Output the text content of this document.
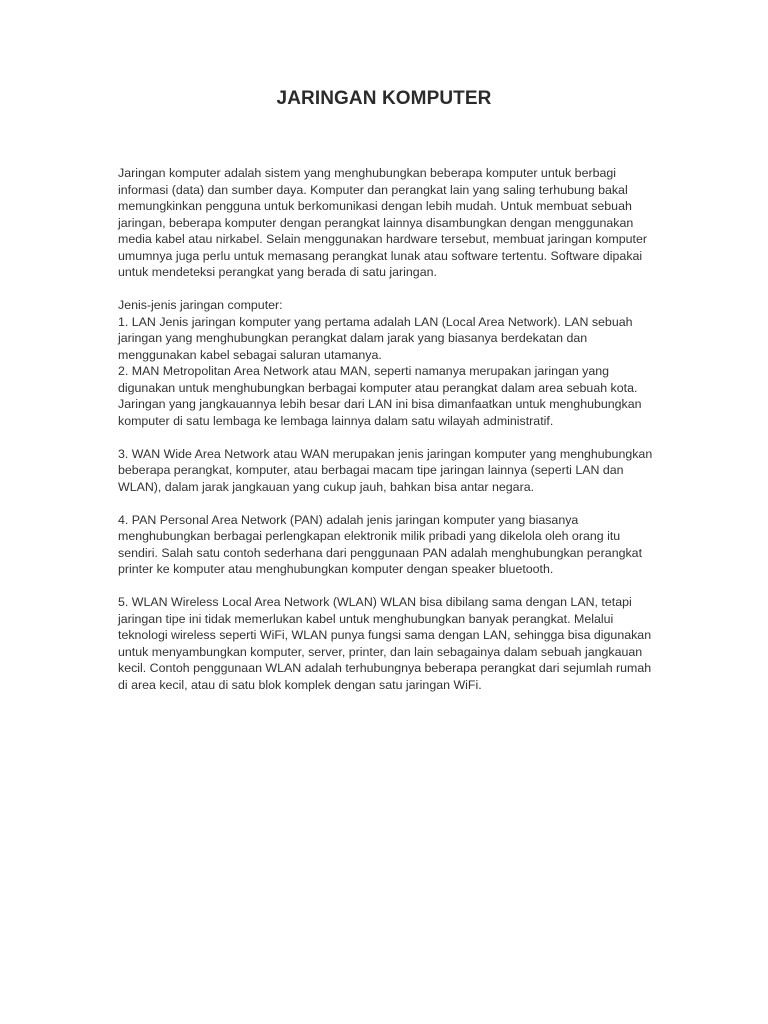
JARINGAN KOMPUTER

Jaringan komputer adalah sistem yang menghubungkan beberapa komputer untuk berbagi informasi (data) dan sumber daya. Komputer dan perangkat lain yang saling terhubung bakal memungkinkan pengguna untuk berkomunikasi dengan lebih mudah. Untuk membuat sebuah jaringan, beberapa komputer dengan perangkat lainnya disambungkan dengan menggunakan media kabel atau nirkabel. Selain menggunakan hardware tersebut, membuat jaringan komputer umumnya juga perlu untuk memasang perangkat lunak atau software tertentu. Software dipakai untuk mendeteksi perangkat yang berada di satu jaringan.

Jenis-jenis jaringan computer:

1. LAN Jenis jaringan komputer yang pertama adalah LAN (Local Area Network). LAN sebuah jaringan yang menghubungkan perangkat dalam jarak yang biasanya berdekatan dan menggunakan kabel sebagai saluran utamanya.

2. MAN Metropolitan Area Network atau MAN, seperti namanya merupakan jaringan yang digunakan untuk menghubungkan berbagai komputer atau perangkat dalam area sebuah kota. Jaringan yang jangkauannya lebih besar dari LAN ini bisa dimanfaatkan untuk menghubungkan komputer di satu lembaga ke lembaga lainnya dalam satu wilayah administratif.

3. WAN Wide Area Network atau WAN merupakan jenis jaringan komputer yang menghubungkan beberapa perangkat, komputer, atau berbagai macam tipe jaringan lainnya (seperti LAN dan WLAN), dalam jarak jangkauan yang cukup jauh, bahkan bisa antar negara.

4. PAN Personal Area Network (PAN) adalah jenis jaringan komputer yang biasanya menghubungkan berbagai perlengkapan elektronik milik pribadi yang dikelola oleh orang itu sendiri. Salah satu contoh sederhana dari penggunaan PAN adalah menghubungkan perangkat printer ke komputer atau menghubungkan komputer dengan speaker bluetooth.

5. WLAN Wireless Local Area Network (WLAN) WLAN bisa dibilang sama dengan LAN, tetapi jaringan tipe ini tidak memerlukan kabel untuk menghubungkan banyak perangkat. Melalui teknologi wireless seperti WiFi, WLAN punya fungsi sama dengan LAN, sehingga bisa digunakan untuk menyambungkan komputer, server, printer, dan lain sebagainya dalam sebuah jangkauan kecil. Contoh penggunaan WLAN adalah terhubungnya beberapa perangkat dari sejumlah rumah di area kecil, atau di satu blok komplek dengan satu jaringan WiFi.
